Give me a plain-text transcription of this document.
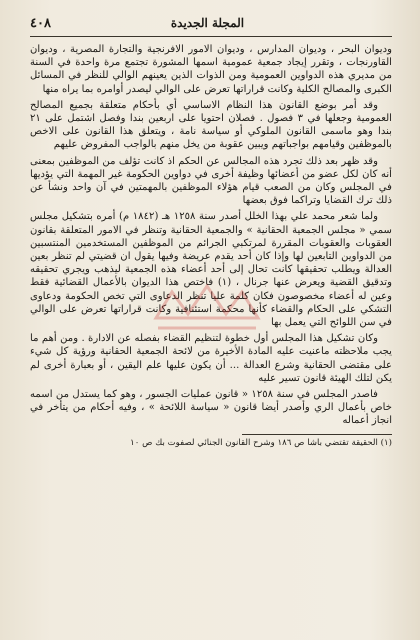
٤٠٨	المجلة الجديدة

وديوان البحر ، وديوان المدارس ، وديوان الامور الافرنجية والتجارة المصرية ، وديوان القاورنجات ، وتقرر إيجاد جمعية عمومية اسمها المشورة تجتمع مرة واحدة في السنة من مديري هذه الدواوين العمومية ومن الذوات الذين يعينهم الوالي للنظر في المسائل الكبرى والمصالح الكلية وكانت قراراتها تعرض على الوالي ليصدر أوامره بما يراه منها

وقد أمر بوضع القانون هذا النظام الاساسي أي بأحكام متعلقة بجميع المصالح العمومية وجعلها في ٣ فصول . فصلان احتويا على اربعين بندا وفصل اشتمل على ٢١ بندا وهو ماسمى القانون الملوكي أو سياسة نامة ، ويتعلق هذا القانون على الاخص بالموظفين وقيامهم بواجباتهم ويبين عقوبة من يخل منهم بالواجب المفروض عليهم

وقد ظهر بعد ذلك تجرد هذه المجالس عن الحكم اذ كانت تؤلف من الموظفين بمعنى أنه كان لكل عضو من أعضائها وظيفة أخرى في دواوين الحكومة غير المهمة التي يؤديها في المجلس وكان من الصعب قيام هؤلاء الموظفين بالمهمتين في آن واحد ونشأ عن ذلك ترك القضايا وتراكما فوق بعضها

ولما شعر محمد علي بهذا الخلل أصدر سنة ١٢٥٨ هـ (١٨٤٢ م) أمره بتشكيل مجلس سمي « مجلس الجمعية الحقانية » والجمعية الحقانية وتنظر في الامور المتعلقة بقانون العقوبات والعقوبات المقررة لمرتكبي الجرائم من الموظفين المستخدمين المنتسبين من الدواوين التابعين لها وإذا كان أحد يقدم عريضة وفيها يقول ان قضيتي لم تنظر بعين العدالة ويطلب تحقيقها كانت تحال إلى أحد أعضاء هذه الجمعية ليذهب ويجري تحقيقه وتدقيق القضية ويعرض عنها جرنال ، (١) فاختص هذا الديوان بالأعمال القضائية فقط وعين له أعضاء مخصوصون فكان كلمة عليا تنظر الدعاوى التي تخص الحكومة ودعاوى التشكي على الحكام والقضاء كأنها محكمة استئنافية وكانت قراراتها تعرض على الوالي في سن اللوائح التي يعمل بها

وكان تشكيل هذا المجلس أول خطوة لتنظيم القضاء بفصله عن الادارة . ومن أهم ما يجب ملاحظته ماعنيت عليه المادة الأخيرة من لائحة الجمعية الحقانية ورؤية كل شيء على مقتضى الحقانية وشرع العدالة ... أن يكون عليها علم اليقين ، أو بعبارة أخرى لم يكن لتلك الهيئة قانون تسير عليه

فاصدر المجلس في سنة ١٢٥٨ « قانون عمليات الجسور ، وهو كما يستدل من اسمه خاص بأعمال الري وأصدر أيضا قانون « سياسة اللائحة » ، وفيه أحكام من يتأخر في انجاز أعماله

(١) الحقيقة تقتضي باشا ص ١٨٦ وشرح القانون الجنائي لصفوت بك ص ١٠
